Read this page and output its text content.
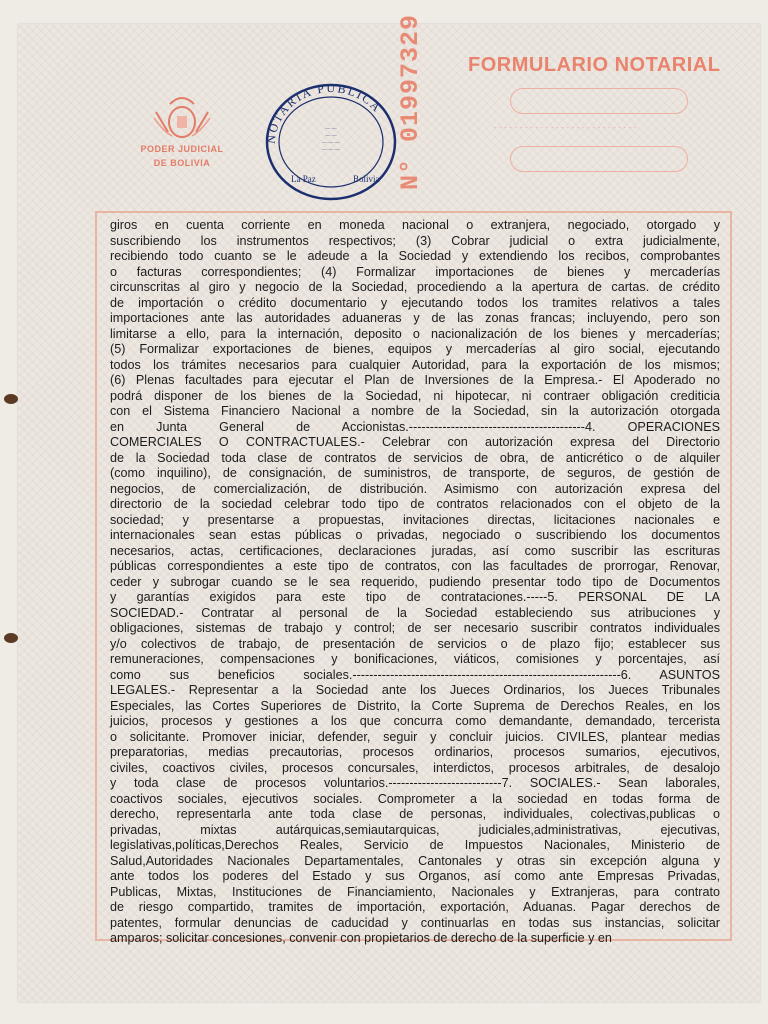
PODER JUDICIAL
DE BOLIVIA
NOTARIA PUBLICA
La Paz	Bolivia
— —
— —
— — —
— — —	N° 01997329 FORMULARIO NOTARIAL
- - - - - - - - - - - - - - - - - - - - - - - - - - - -
giros en cuenta corriente en moneda nacional o extranjera, negociado, otorgado y
suscribiendo los instrumentos respectivos; (3) Cobrar judicial o extra judicialmente,
recibiendo todo cuanto se le adeude a la Sociedad y extendiendo los recibos, comprobantes
o facturas correspondientes; (4) Formalizar importaciones de bienes y mercaderías
circunscritas al giro y negocio de la Sociedad, procediendo a la apertura de cartas. de crédito
de importación o crédito documentario y ejecutando todos los tramites relativos a tales
importaciones ante las autoridades aduaneras y de las zonas francas; incluyendo, pero son
limitarse a ello, para la internación, deposito o nacionalización de los bienes y mercaderías;
(5) Formalizar exportaciones de bienes, equipos y mercaderías al giro social, ejecutando
todos los trámites necesarios para cualquier Autoridad, para la exportación de los mismos;
(6) Plenas facultades para ejecutar el Plan de Inversiones de la Empresa.- El Apoderado no
podrá disponer de los bienes de la Sociedad, ni hipotecar, ni contraer obligación crediticia
con el Sistema Financiero Nacional a nombre de la Sociedad, sin la autorización otorgada
en Junta General de Accionistas.------------------------------------------4. OPERACIONES
COMERCIALES O CONTRACTUALES.- Celebrar con autorización expresa del Directorio
de la Sociedad toda clase de contratos de servicios de obra, de anticrético o de alquiler
(como inquilino), de consignación, de suministros, de transporte, de seguros, de gestión de
negocios, de comercialización, de distribución. Asimismo con autorización expresa del
directorio de la sociedad celebrar todo tipo de contratos relacionados con el objeto de la
sociedad; y presentarse a propuestas, invitaciones directas, licitaciones nacionales e
internacionales sean estas públicas o privadas, negociado o suscribiendo los documentos
necesarios, actas, certificaciones, declaraciones juradas, así como suscribir las escrituras
públicas correspondientes a este tipo de contratos, con las facultades de prorrogar, Renovar,
ceder y subrogar cuando se le sea requerido, pudiendo presentar todo tipo de Documentos
y garantías exigidos para este tipo de contrataciones.-----5. PERSONAL DE LA
SOCIEDAD.- Contratar al personal de la Sociedad estableciendo sus atribuciones y
obligaciones, sistemas de trabajo y control; de ser necesario suscribir contratos individuales
y/o colectivos de trabajo, de presentación de servicios o de plazo fijo; establecer sus
remuneraciones, compensaciones y bonificaciones, viáticos, comisiones y porcentajes, así
como sus beneficios sociales.----------------------------------------------------------------6. ASUNTOS
LEGALES.- Representar a la Sociedad ante los Jueces Ordinarios, los Jueces Tribunales
Especiales, las Cortes Superiores de Distrito, la Corte Suprema de Derechos Reales, en los
juicios, procesos y gestiones a los que concurra como demandante, demandado, tercerista
o solicitante. Promover iniciar, defender, seguir y concluir juicios. CIVILES, plantear medias
preparatorias, medias precautorias, procesos ordinarios, procesos sumarios, ejecutivos,
civiles, coactivos civiles, procesos concursales, interdictos, procesos arbitrales, de desalojo
y toda clase de procesos voluntarios.---------------------------7. SOCIALES.- Sean laborales,
coactivos sociales, ejecutivos sociales. Comprometer a la sociedad en todas forma de
derecho, representarla ante toda clase de personas, individuales, colectivas,publicas o
privadas, mixtas autárquicas,semiautarquicas, judiciales,administrativas, ejecutivas,
legislativas,políticas,Derechos Reales, Servicio de Impuestos Nacionales, Ministerio de
Salud,Autoridades Nacionales Departamentales, Cantonales y otras sin excepción alguna y
ante todos los poderes del Estado y sus Organos, así como ante Empresas Privadas,
Publicas, Mixtas, Instituciones de Financiamiento, Nacionales y Extranjeras, para contrato
de riesgo compartido, tramites de importación, exportación, Aduanas. Pagar derechos de
patentes, formular denuncias de caducidad y continuarlas en todas sus instancias, solicitar
amparos; solicitar concesiones, convenir con propietarios de derecho de la superficie y en
